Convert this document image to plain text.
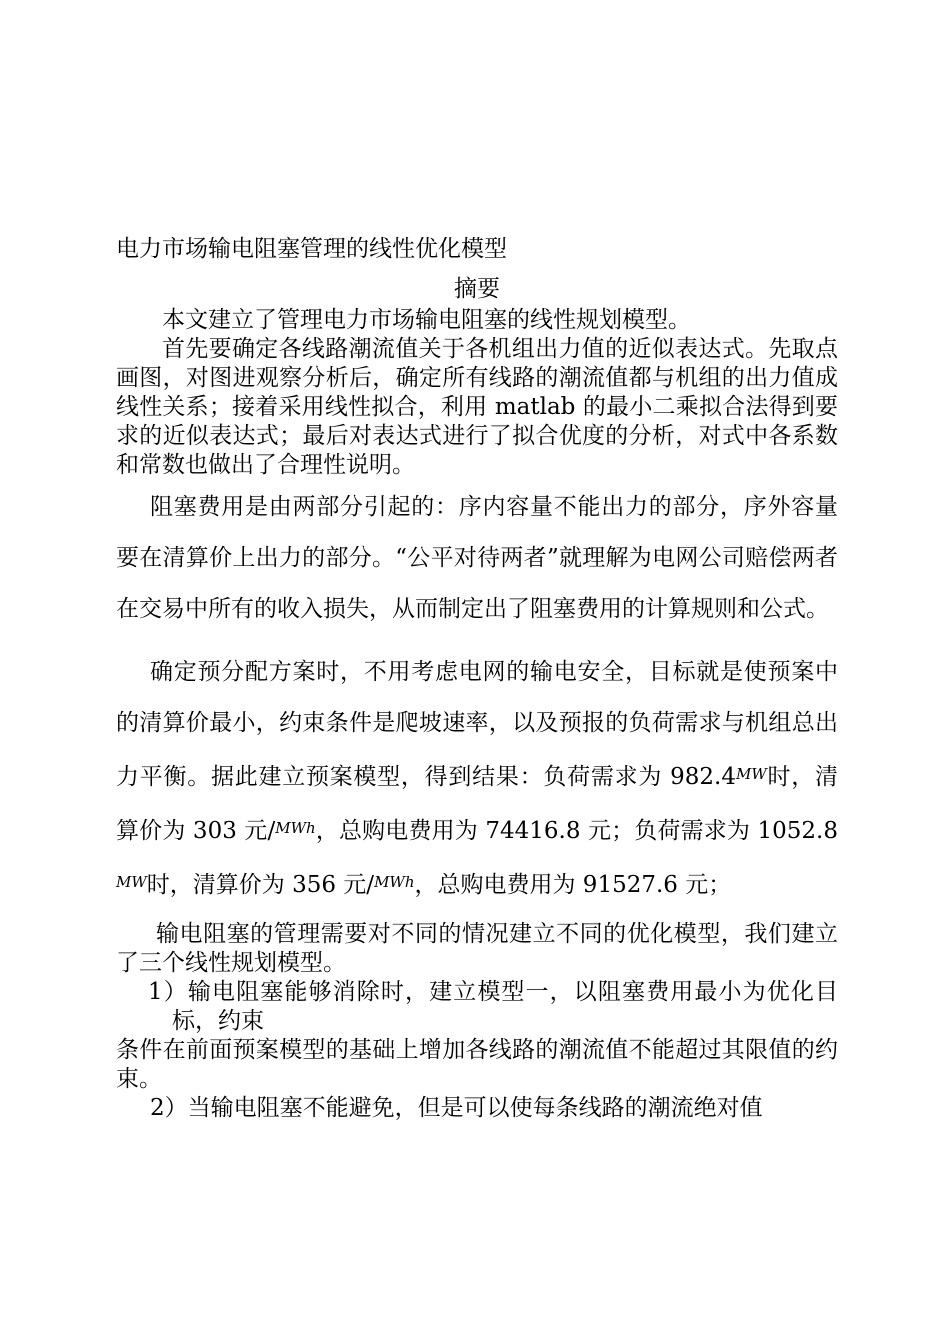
电力市场输电阻塞管理的线性优化模型
摘要

本文建立了管理电力市场输电阻塞的线性规划模型。

首先要确定各线路潮流值关于各机组出力值的近似表达式。先取点画图，对图进观察分析后，确定所有线路的潮流值都与机组的出力值成线性关系；接着采用线性拟合，利用 matlab 的最小二乘拟合法得到要求的近似表达式；最后对表达式进行了拟合优度的分析，对式中各系数和常数也做出了合理性说明。

阻塞费用是由两部分引起的：序内容量不能出力的部分，序外容量要在清算价上出力的部分。“公平对待两者”就理解为电网公司赔偿两者在交易中所有的收入损失，从而制定出了阻塞费用的计算规则和公式。

确定预分配方案时，不用考虑电网的输电安全，目标就是使预案中的清算价最小，约束条件是爬坡速率，以及预报的负荷需求与机组总出力平衡。据此建立预案模型，得到结果：负荷需求为 $982.4^{MW}$时，清算价为 303 元/$^{MWh}$，总购电费用为 74416.8 元；负荷需求为 $1052.8^{MW}$时，清算价为 356 元/$^{MWh}$，总购电费用为 91527.6 元；

输电阻塞的管理需要对不同的情况建立不同的优化模型，我们建立了三个线性规划模型。

1）输电阻塞能够消除时，建立模型一，以阻塞费用最小为优化目标，约束

条件在前面预案模型的基础上增加各线路的潮流值不能超过其限值的约束。

2）当输电阻塞不能避免，但是可以使每条线路的潮流绝对值
